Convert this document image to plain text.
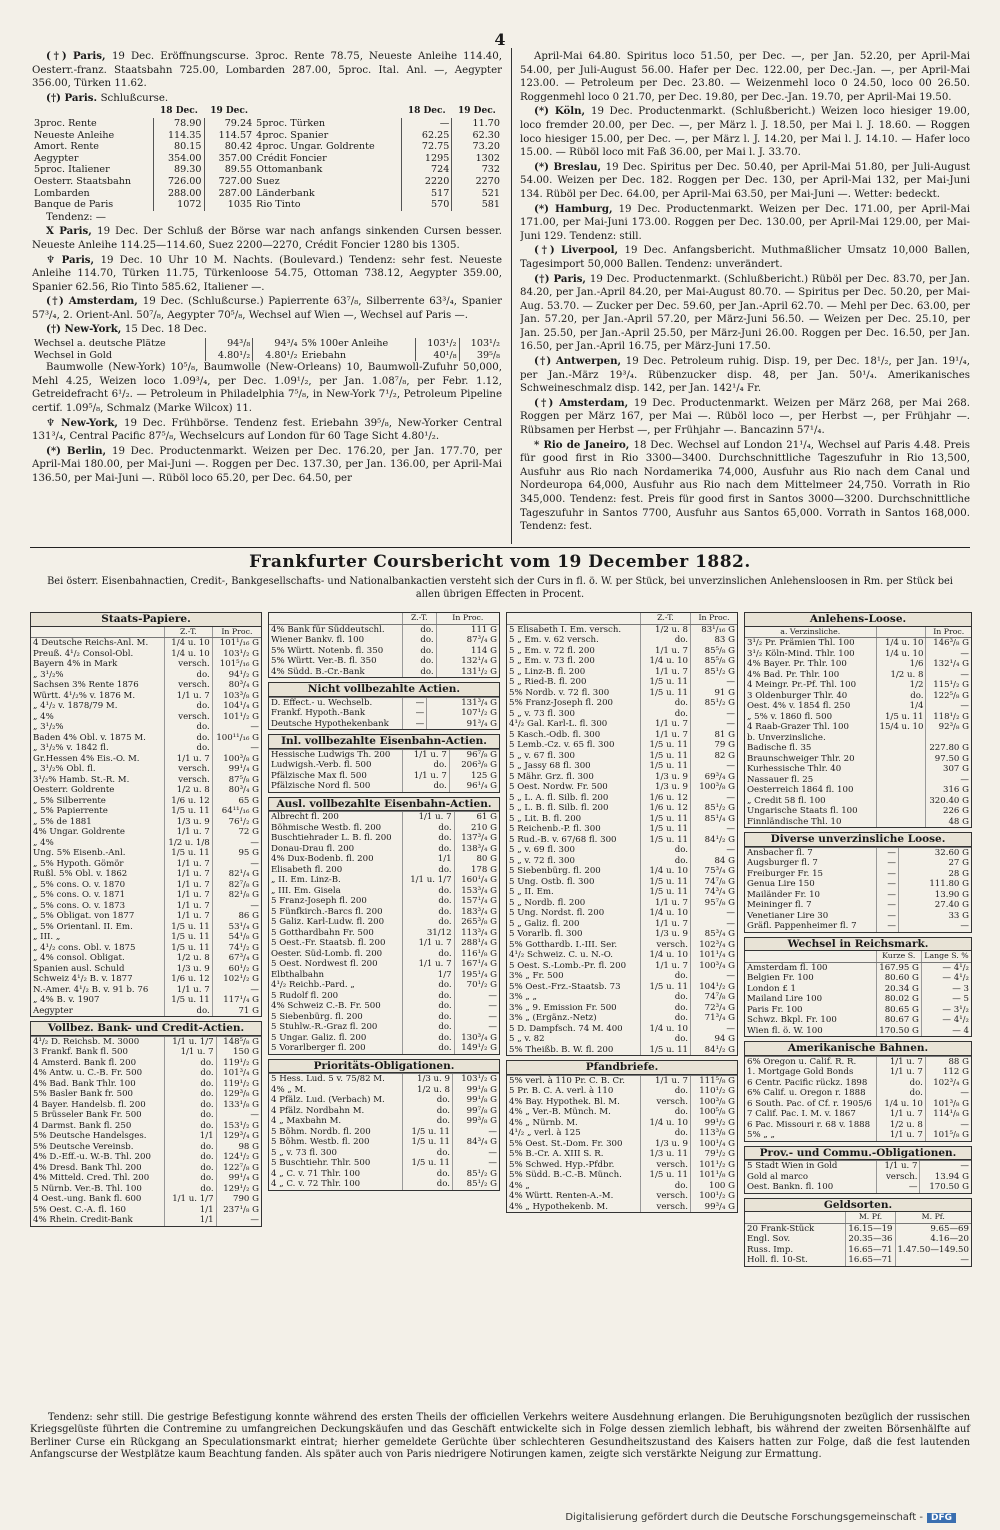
4

(†) Paris, 19 Dec. Eröffnungscurse. 3proc. Rente 78.75, Neueste Anleihe 114.40, Oesterr.-franz. Staatsbahn 725.00, Lombarden 287.00, 5proc. Ital. Anl. —, Aegypter 356.00, Türken 11.62.

(†) Paris. Schlußcurse.

	18 Dec.	19 Dec.		18 Dec.	19 Dec.
3proc. Rente	78.90	79.24	5proc. Türken	—	11.70
Neueste Anleihe	114.35	114.57	4proc. Spanier	62.25	62.30
Amort. Rente	80.15	80.42	4proc. Ungar. Goldrente	72.75	73.20
Aegypter	354.00	357.00	Crédit Foncier	1295	1302
5proc. Italiener	89.30	89.55	Ottomanbank	724	732
Oesterr. Staatsbahn	726.00	727.00	Suez	2220	2270
Lombarden	288.00	287.00	Länderbank	517	521
Banque de Paris	1072	1035	Rio Tinto	570	581

Tendenz: —

X Paris, 19 Dec. Der Schluß der Börse war nach anfangs sinkenden Cursen besser. Neueste Anleihe 114.25—114.60, Suez 2200—2270, Crédit Foncier 1280 bis 1305.

♆ Paris, 19 Dec. 10 Uhr 10 M. Nachts. (Boulevard.) Tendenz: sehr fest. Neueste Anleihe 114.70, Türken 11.75, Türkenloose 54.75, Ottoman 738.12, Aegypter 359.00, Spanier 62.56, Rio Tinto 585.62, Italiener —.

(†) Amsterdam, 19 Dec. (Schlußcurse.) Papierrente 63⁷/₈, Silberrente 63³/₄, Spanier 57³/₄, 2. Orient-Anl. 50⁷/₈, Aegypter 70⁵/₈, Wechsel auf Wien —, Wechsel auf Paris —.

(†) New-York, 15 Dec. 18 Dec.

Wechsel a. deutsche Plätze	94³/₈	94³/₄	5% 100er Anleihe	103¹/₂	103¹/₂
Wechsel in Gold	4.80¹/₂	4.80¹/₂	Eriebahn	40¹/₈	39⁵/₈

Baumwolle (New-York) 10⁵/₈, Baumwolle (New-Orleans) 10, Baumwoll-Zufuhr 50,000, Mehl 4.25, Weizen loco 1.09³/₄, per Dec. 1.09¹/₂, per Jan. 1.08⁷/₈, per Febr. 1.12, Getreidefracht 6¹/₂. — Petroleum in Philadelphia 7⁵/₈, in New-York 7¹/₂, Petroleum Pipeline certif. 1.09⁵/₈, Schmalz (Marke Wilcox) 11.

♆ New-York, 19 Dec. Frühbörse. Tendenz fest. Eriebahn 39⁵/₈, New-Yorker Central 131³/₄, Central Pacific 87⁵/₈, Wechselcurs auf London für 60 Tage Sicht 4.80¹/₂.

(*) Berlin, 19 Dec. Productenmarkt. Weizen per Dec. 176.20, per Jan. 177.70, per April-Mai 180.00, per Mai-Juni —. Roggen per Dec. 137.30, per Jan. 136.00, per April-Mai 136.50, per Mai-Juni —. Rüböl loco 65.20, per Dec. 64.50, per

April-Mai 64.80. Spiritus loco 51.50, per Dec. —, per Jan. 52.20, per April-Mai 54.00, per Juli-August 56.00. Hafer per Dec. 122.00, per Dec.-Jan. —, per April-Mai 123.00. — Petroleum per Dec. 23.80. — Weizenmehl loco 0 24.50, loco 00 26.50. Roggenmehl loco 0 21.70, per Dec. 19.80, per Dec.-Jan. 19.70, per April-Mai 19.50.

(*) Köln, 19 Dec. Productenmarkt. (Schlußbericht.) Weizen loco hiesiger 19.00, loco fremder 20.00, per Dec. —, per März l. J. 18.50, per Mai l. J. 18.60. — Roggen loco hiesiger 15.00, per Dec. —, per März l. J. 14.20, per Mai l. J. 14.10. — Hafer loco 15.00. — Rüböl loco mit Faß 36.00, per Mai l. J. 33.70.

(*) Breslau, 19 Dec. Spiritus per Dec. 50.40, per April-Mai 51.80, per Juli-August 54.00. Weizen per Dec. 182. Roggen per Dec. 130, per April-Mai 132, per Mai-Juni 134. Rüböl per Dec. 64.00, per April-Mai 63.50, per Mai-Juni —. Wetter: bedeckt.

(*) Hamburg, 19 Dec. Productenmarkt. Weizen per Dec. 171.00, per April-Mai 171.00, per Mai-Juni 173.00. Roggen per Dec. 130.00, per April-Mai 129.00, per Mai-Juni 129. Tendenz: still.

(†) Liverpool, 19 Dec. Anfangsbericht. Muthmaßlicher Umsatz 10,000 Ballen, Tagesimport 50,000 Ballen. Tendenz: unverändert.

(†) Paris, 19 Dec. Productenmarkt. (Schlußbericht.) Rüböl per Dec. 83.70, per Jan. 84.20, per Jan.-April 84.20, per Mai-August 80.70. — Spiritus per Dec. 50.20, per Mai-Aug. 53.70. — Zucker per Dec. 59.60, per Jan.-April 62.70. — Mehl per Dec. 63.00, per Jan. 57.20, per Jan.-April 57.20, per März-Juni 56.50. — Weizen per Dec. 25.10, per Jan. 25.50, per Jan.-April 25.50, per März-Juni 26.00. Roggen per Dec. 16.50, per Jan. 16.50, per Jan.-April 16.75, per März-Juni 17.50.

(†) Antwerpen, 19 Dec. Petroleum ruhig. Disp. 19, per Dec. 18¹/₂, per Jan. 19¹/₄, per Jan.-März 19³/₄. Rübenzucker disp. 48, per Jan. 50¹/₄. Amerikanisches Schweineschmalz disp. 142, per Jan. 142¹/₄ Fr.

(†) Amsterdam, 19 Dec. Productenmarkt. Weizen per März 268, per Mai 268. Roggen per März 167, per Mai —. Rüböl loco —, per Herbst —, per Frühjahr —. Rübsamen per Herbst —, per Frühjahr —. Bancazinn 57¹/₄.

* Rio de Janeiro, 18 Dec. Wechsel auf London 21¹/₄, Wechsel auf Paris 4.48. Preis für good first in Rio 3300—3400. Durchschnittliche Tageszufuhr in Rio 13,500, Ausfuhr aus Rio nach Nordamerika 74,000, Ausfuhr aus Rio nach dem Canal und Nordeuropa 64,000, Ausfuhr aus Rio nach dem Mittelmeer 24,750. Vorrath in Rio 345,000. Tendenz: fest. Preis für good first in Santos 3000—3200. Durchschnittliche Tageszufuhr in Santos 7700, Ausfuhr aus Santos 65,000. Vorrath in Santos 168,000. Tendenz: fest.

Frankfurter Coursbericht vom 19 December 1882.
Bei österr. Eisenbahnactien, Credit-, Bankgesellschafts- und Nationalbankactien versteht sich der Curs in fl. ö. W. per Stück, bei unverzinslichen Anlehensloosen in Rm. per Stück bei allen übrigen Effecten in Procent.
Staats-Papiere.
	Z.-T.	In Proc.
4 Deutsche Reichs-Anl. M.	1/4 u. 10	101¹/₁₆ G
Preuß. 4¹/₂ Consol-Obl.	1/4 u. 10	103¹/₂ G
Bayern 4% in Mark	versch.	101⁵/₁₆ G
„ 3¹/₂%	do.	94¹/₂ G
Sachsen 3% Rente 1876	versch.	80³/₄ G
Württ. 4¹/₂% v. 1876 M.	1/1 u. 7	103³/₈ G
„ 4¹/₂ v. 1878/79 M.	do.	104¹/₄ G
„ 4%	versch.	101¹/₂ G
„ 3¹/₂%	do.	—
Baden 4% Obl. v. 1875 M.	do.	100¹¹/₁₆ G
„ 3¹/₂% v. 1842 fl.	do.	—
Gr.Hessen 4% Eis.-O. M.	1/1 u. 7	100³/₈ G
„ 3¹/₂% Obl. fl.	versch.	99¹/₄ G
3¹/₂% Hamb. St.-R. M.	versch.	87⁵/₈ G
Oesterr. Goldrente	1/2 u. 8	80³/₄ G
„ 5% Silberrente	1/6 u. 12	65 G
„ 5% Papierrente	1/5 u. 11	64¹¹/₁₆ G
„ 5% de 1881	1/3 u. 9	76¹/₂ G
4% Ungar. Goldrente	1/1 u. 7	72 G
„ 4%	1/2 u. 1/8	—
Ung. 5% Eisenb.-Anl.	1/5 u. 11	95 G
„ 5% Hypoth. Gömör	1/1 u. 7	—
Rußl. 5% Obl. v. 1862	1/1 u. 7	82¹/₄ G
„ 5% cons. O. v. 1870	1/1 u. 7	82⁷/₈ G
„ 5% cons. O. v. 1871	1/1 u. 7	82¹/₈ G
„ 5% cons. O. v. 1873	1/1 u. 7	—
„ 5% Obligat. von 1877	1/1 u. 7	86 G
„ 5% Orientanl. II. Em.	1/5 u. 11	53¹/₄ G
„ III. „	1/5 u. 11	54¹/₈ G
„ 4¹/₂ cons. Obl. v. 1875	1/5 u. 11	74¹/₂ G
„ 4% consol. Obligat.	1/2 u. 8	67³/₄ G
Spanien ausl. Schuld	1/3 u. 9	60¹/₂ G
Schweiz 4¹/₂ B. v. 1877	1/6 u. 12	102¹/₂ G
N.-Amer. 4¹/₂ B. v. 91 b. 76	1/1 u. 7	—
„ 4% B. v. 1907	1/5 u. 11	117¹/₄ G
Aegypter	do.	71 G
Vollbez. Bank- und Credit-Actien.

4¹/₂ D. Reichsb. M. 3000	1/1 u. 1/7	148⁵/₈ G
3 Frankf. Bank fl. 500	1/1 u. 7	150 G
4 Amsterd. Bank fl. 200	do.	119¹/₂ G
4% Antw. u. C.-B. Fr. 500	do.	101³/₄ G
4% Bad. Bank Thlr. 100	do.	119¹/₂ G
5% Basler Bank fr. 500	do.	129³/₈ G
4 Bayer. Handelsb. fl. 200	do.	133¹/₈ G
5 Brüsseler Bank Fr. 500	do.	—
4 Darmst. Bank fl. 250	do.	153¹/₂ G
5% Deutsche Handelsges.	1/1	129³/₄ G
5% Deutsche Vereinsb.	do.	98 G
4% D.-Eff.-u. W.-B. Thl. 200	do.	124¹/₂ G
4% Dresd. Bank Thl. 200	do.	122⁷/₈ G
4% Mitteld. Cred. Thl. 200	do.	99¹/₄ G
5 Nürnb. Ver.-B. Thl. 100	do.	129¹/₂ G
4 Oest.-ung. Bank fl. 600	1/1 u. 1/7	790 G
5% Oest. C.-A. fl. 160	1/1	237¹/₈ G
4% Rhein. Credit-Bank	1/1	—
	Z.-T.	In Proc.
4% Bank für Süddeutschl.	do.	111 G
Wiener Bankv. fl. 100	do.	87³/₄ G
5% Württ. Notenb. fl. 350	do.	114 G
5% Württ. Ver.-B. fl. 350	do.	132¹/₄ G
4% Südd. B.-Cr.-Bank	do.	131¹/₂ G
Nicht vollbezahlte Actien.

D. Effect.- u. Wechselb.	—	131³/₄ G
Frankf. Hypoth.-Bank	—	107¹/₂ G
Deutsche Hypothekenbank	—	91³/₄ G
Inl. vollbezahlte Eisenbahn-Actien.

Hessische Ludwigs Th. 200	1/1 u. 7	96⁷/₈ G
Ludwigsh.-Verb. fl. 500	do.	206³/₈ G
Pfälzische Max fl. 500	1/1 u. 7	125 G
Pfälzische Nord fl. 500	do.	96¹/₄ G
Ausl. vollbezahlte Eisenbahn-Actien.

Albrecht fl. 200	1/1 u. 7	61 G
Böhmische Westb. fl. 200	do.	210 G
Buschtiehrader L. B. fl. 200	do.	137³/₄ G
Donau-Drau fl. 200	do.	138³/₄ G
4% Dux-Bodenb. fl. 200	1/1	80 G
Elisabeth fl. 200	do.	178 G
„ II. Em. Linz-B.	1/1 u. 1/7	160¹/₄ G
„ III. Em. Gisela	do.	153³/₄ G
5 Franz-Joseph fl. 200	do.	157¹/₄ G
5 Fünfkirch.-Barcs fl. 200	do.	183³/₄ G
5 Galiz. Karl-Ludw. fl. 200	do.	265³/₈ G
5 Gotthardbahn Fr. 500	31/12	113³/₄ G
5 Oest.-Fr. Staatsb. fl. 200	1/1 u. 7	288¹/₄ G
Oester. Süd-Lomb. fl. 200	do.	116¹/₈ G
5 Oest. Nordwest fl. 200	1/1 u. 7	167¹/₄ G
Elbthalbahn	1/7	195¹/₄ G
4¹/₂ Reichb.-Pard. „	do.	70¹/₂ G
5 Rudolf fl. 200	do.	—
4% Schweiz C.-B. Fr. 500	do.	—
5 Siebenbürg. fl. 200	do.	—
5 Stuhlw.-R.-Graz fl. 200	do.	—
5 Ungar. Galiz. fl. 200	do.	130³/₄ G
5 Vorarlberger fl. 200	do.	149¹/₂ G
Prioritäts-Obligationen.

5 Hess. Lud. 5 v. 75/82 M.	1/3 u. 9	103¹/₂ G
4% „ M.	1/2 u. 8	99¹/₈ G
4 Pfälz. Lud. (Verbach) M.	do.	99¹/₈ G
4 Pfälz. Nordbahn M.	do.	99⁷/₈ G
4 „ Maxbahn M.	do.	99³/₈ G
5 Böhm. Nordb. fl. 200	1/5 u. 11	—
5 Böhm. Westb. fl. 200	1/5 u. 11	84³/₄ G
5 „ v. 73 fl. 300	do.	—
5 Buschtiehr. Thlr. 500	1/5 u. 11	—
4 „ C. v. 71 Thlr. 100	do.	85¹/₂ G
4 „ C. v. 72 Thlr. 100	do.	85¹/₂ G
	Z.-T.	In Proc.
5 Elisabeth I. Em. versch.	1/2 u. 8	83¹/₁₆ G
5 „ Em. v. 62 versch.	do.	83 G
5 „ Em. v. 72 fl. 200	1/1 u. 7	85⁵/₈ G
5 „ Em. v. 73 fl. 200	1/4 u. 10	85⁵/₈ G
5 „ Linz-B. fl. 200	1/1 u. 7	85¹/₂ G
5 „ Ried-B. fl. 200	1/5 u. 11	—
5% Nordb. v. 72 fl. 300	1/5 u. 11	91 G
5% Franz-Joseph fl. 200	do.	85¹/₂ G
5 „ v. 73 fl. 300	do.	—
4¹/₂ Gal. Karl-L. fl. 300	1/1 u. 7	—
5 Kasch.-Odb. fl. 300	1/1 u. 7	81 G
5 Lemb.-Cz. v. 65 fl. 300	1/5 u. 11	79 G
5 „ v. 67 fl. 300	1/5 u. 11	82 G
5 „ Jassy 68 fl. 300	1/5 u. 11	—
5 Mähr. Grz. fl. 300	1/3 u. 9	69³/₄ G
5 Oest. Nordw. Fr. 500	1/3 u. 9	100³/₈ G
5 „ L. A. fl. Silb. fl. 200	1/6 u. 12	—
5 „ L. B. fl. Silb. fl. 200	1/6 u. 12	85¹/₂ G
5 „ Lit. B. fl. 200	1/5 u. 11	85¹/₄ G
5 Reichenb.-P. fl. 300	1/5 u. 11	—
5 Rud.-B. v. 67/68 fl. 300	1/5 u. 11	84¹/₂ G
5 „ v. 69 fl. 300	do.	—
5 „ v. 72 fl. 300	do.	84 G
5 Siebenbürg. fl. 200	1/4 u. 10	75³/₄ G
5 Ung. Ostb. fl. 300	1/5 u. 11	74⁷/₈ G
5 „ II. Em.	1/5 u. 11	74³/₄ G
5 „ Nordb. fl. 200	1/1 u. 7	95⁷/₈ G
5 Ung. Nordst. fl. 200	1/4 u. 10	—
5 „ Galiz. fl. 200	1/1 u. 7	—
5 Vorarlb. fl. 300	1/3 u. 9	85³/₄ G
5% Gotthardb. I.-III. Ser.	versch.	102³/₄ G
4¹/₂ Schweiz. C. u. N.-O.	1/4 u. 10	101¹/₄ G
5 Oest. S.-Lomb.-Pr. fl. 200	1/1 u. 7	100³/₄ G
3% „ Fr. 500	do.	—
5% Oest.-Frz.-Staatsb. 73	1/5 u. 11	104¹/₂ G
3% „ „	do.	74⁷/₈ G
3% „ 9. Emission Fr. 500	do.	72³/₄ G
3% „ (Ergänz.-Netz)	do.	71³/₄ G
5 D. Dampfsch. 74 M. 400	1/4 u. 10	—
5 „ v. 82	do.	94 G
5% Theißb. B. W. fl. 200	1/5 u. 11	84¹/₂ G
Pfandbriefe.

5% verl. à 110 Pr. C. B. Cr.	1/1 u. 7	111⁵/₈ G
5 Pr. B. C. A. verl. à 110	do.	110¹/₂ G
4% Bay. Hypothek. Bl. M.	versch.	100³/₈ G
4% „ Ver.-B. Münch. M.	do.	100⁵/₈ G
4% „ Nürnb. M.	1/4 u. 10	99¹/₂ G
4¹/₂ „ verl. à 125	do.	113³/₈ G
5% Oest. St.-Dom. Fr. 300	1/3 u. 9	100¹/₄ G
5% B.-Cr. A. XIII S. R.	1/3 u. 11	79¹/₂ G
5% Schwed. Hyp.-Pfdbr.	versch.	101¹/₂ G
5% Südd. B.-C.-B. Münch.	1/5 u. 11	101¹/₈ G
4% „	do.	100 G
4% Württ. Renten-A.-M.	versch.	100¹/₂ G
4% „ Hypothekenb. M.	versch.	99³/₄ G
Anlehens-Loose.
a. Verzinsliche.		In Proc.
3¹/₂ Pr. Prämien Thl. 100	1/4 u. 10	146³/₈ G
3¹/₂ Köln-Mind. Thlr. 100	1/4 u. 10	—
4% Bayer. Pr. Thlr. 100	1/6	132¹/₄ G
4% Bad. Pr. Thlr. 100	1/2 u. 8	—
4 Meingr. Pr.-Pf. Thl. 100	1/2	115¹/₂ G
3 Oldenburger Thlr. 40	do.	122⁵/₈ G
Oest. 4% v. 1854 fl. 250	1/4	—
„ 5% v. 1860 fl. 500	1/5 u. 11	118¹/₂ G
4 Raab-Grazer Thl. 100	15/4 u. 10	92³/₈ G
b. Unverzinsliche.		
Badische fl. 35		227.80 G
Braunschweiger Thlr. 20		97.50 G
Kurhessische Thlr. 40		307 G
Nassauer fl. 25		—
Oesterreich 1864 fl. 100		316 G
„ Credit 58 fl. 100		320.40 G
Ungarische Staats fl. 100		226 G
Finnländische Thl. 10		48 G
Diverse unverzinsliche Loose.

Ansbacher fl. 7	—	32.60 G
Augsburger fl. 7	—	27 G
Freiburger Fr. 15	—	28 G
Genua Lire 150	—	111.80 G
Mailänder Fr. 10	—	13.90 G
Meininger fl. 7	—	27.40 G
Venetianer Lire 30	—	33 G
Gräfl. Pappenheimer fl. 7	—	—
Wechsel in Reichsmark.
	Kurze S.	Lange S. %
Amsterdam fl. 100	167.95 G	— 4¹/₂
Belgien Fr. 100	80.60 G	— 4¹/₂
London £ 1	20.34 G	— 3
Mailand Lire 100	80.02 G	— 5
Paris Fr. 100	80.65 G	— 3¹/₂
Schwz. Bkpl. Fr. 100	80.67 G	— 4¹/₂
Wien fl. ö. W. 100	170.50 G	— 4
Amerikanische Bahnen.

6% Oregon u. Calif. R. R.	1/1 u. 7	88 G
1. Mortgage Gold Bonds	1/1 u. 7	112 G
6 Centr. Pacific rückz. 1898	do.	102³/₄ G
6% Calif. u. Oregon r. 1888	do.	—
6 South. Pac. of Cf. r. 1905/6	1/4 u. 10	101³/₈ G
7 Calif. Pac. I. M. v. 1867	1/1 u. 7	114¹/₈ G
6 Pac. Missouri r. 68 v. 1888	1/2 u. 8	—
5% „ „	1/1 u. 7	101⁵/₈ G
Prov.- und Commu.-Obligationen.

5 Stadt Wien in Gold	1/1 u. 7	—
Gold al marco	versch.	13.94 G
Oest. Bankn. fl. 100	—	170.50 G
Geldsorten.
	M. Pf.	M. Pf.
20 Frank-Stück	16.15—19	9.65—69
Engl. Sov.	20.35—36	4.16—20
Russ. Imp.	16.65—71	1.47.50—149.50
Holl. fl. 10-St.	16.65—71	—
Tendenz: sehr still. Die gestrige Befestigung konnte während des ersten Theils der officiellen Verkehrs weitere Ausdehnung erlangen. Die Beruhigungsnoten bezüglich der russischen Kriegsgelüste führten die Contremine zu umfangreichen Deckungskäufen und das Geschäft entwickelte sich in Folge dessen ziemlich lebhaft, bis während der zweiten Börsenhälfte auf Berliner Curse ein Rückgang an Speculationsmarkt eintrat; hierher gemeldete Gerüchte über schlechteren Gesundheitszustand des Kaisers hatten zur Folge, daß die fest lautenden Anfangscurse der Westplätze kaum Beachtung fanden. Als später auch von Paris niedrigere Notirungen kamen, zeigte sich verstärkte Neigung zur Ermattung.
Digitalisierung gefördert durch die Deutsche Forschungsgemeinschaft - DFG
